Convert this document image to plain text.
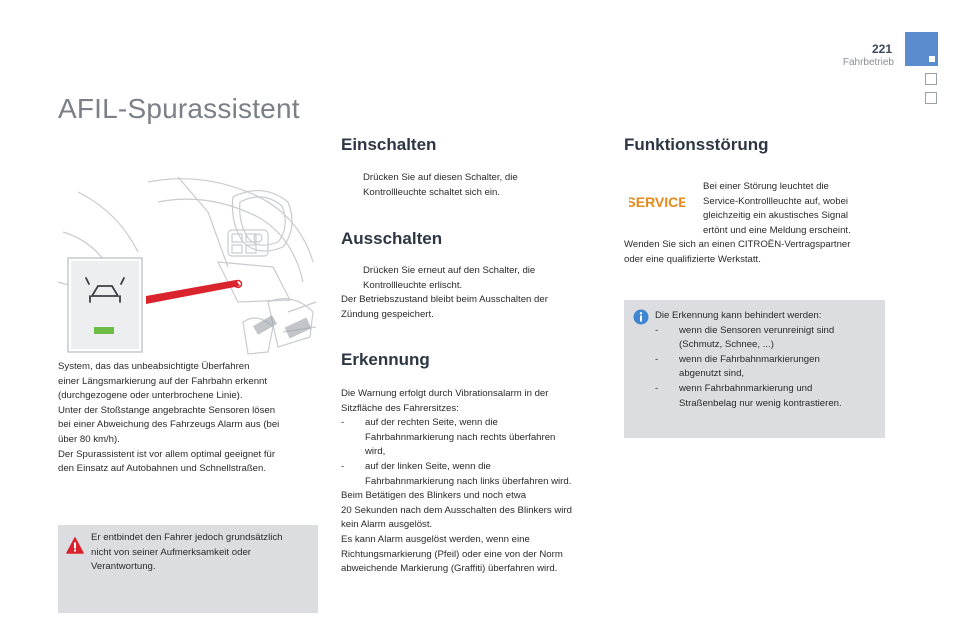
221
Fahrbetrieb
AFIL-Spurassistent

System, das das unbeabsichtigte Überfahren

einer Längsmarkierung auf der Fahrbahn erkennt

(durchgezogene oder unterbrochene Linie).

Unter der Stoßstange angebrachte Sensoren lösen

bei einer Abweichung des Fahrzeugs Alarm aus (bei

über 80 km/h).

Der Spurassistent ist vor allem optimal geeignet für

den Einsatz auf Autobahnen und Schnellstraßen.

Er entbindet den Fahrer jedoch grundsätzlich

nicht von seiner Aufmerksamkeit oder

Verantwortung.

Einschalten

Drücken Sie auf diesen Schalter, die

Kontrollleuchte schaltet sich ein.

Ausschalten

Drücken Sie erneut auf den Schalter, die

Kontrollleuchte erlischt.

Der Betriebszustand bleibt beim Ausschalten der

Zündung gespeichert.

Erkennung

Die Warnung erfolgt durch Vibrationsalarm in der

Sitzfläche des Fahrersitzes:

-	auf der rechten Seite, wenn die

Fahrbahnmarkierung nach rechts überfahren

wird,

-	auf der linken Seite, wenn die

Fahrbahnmarkierung nach links überfahren wird.

Beim Betätigen des Blinkers und noch etwa

20 Sekunden nach dem Ausschalten des Blinkers wird

kein Alarm ausgelöst.

Es kann Alarm ausgelöst werden, wenn eine

Richtungsmarkierung (Pfeil) oder eine von der Norm

abweichende Markierung (Graffiti) überfahren wird.

Funktionsstörung
SERVICE

Bei einer Störung leuchtet die

Service-Kontrollleuchte auf, wobei

gleichzeitig ein akustisches Signal

ertönt und eine Meldung erscheint.

Wenden Sie sich an einen CITROËN-Vertragspartner

oder eine qualifizierte Werkstatt.

Die Erkennung kann behindert werden:

-	wenn die Sensoren verunreinigt sind

(Schmutz, Schnee, ...)

-	wenn die Fahrbahnmarkierungen

abgenutzt sind,

-	wenn Fahrbahnmarkierung und

Straßenbelag nur wenig kontrastieren.
